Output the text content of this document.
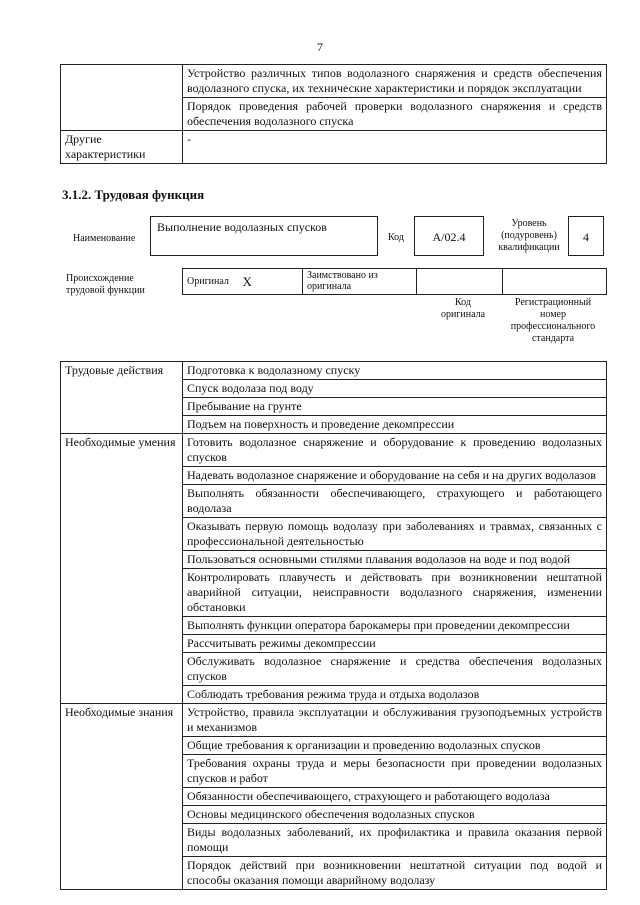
7
	Устройство различных типов водолазного снаряжения и средств обеспечения водолазного спуска, их технические характеристики и порядок эксплуатации
	Порядок проведения рабочей проверки водолазного снаряжения и средств обеспечения водолазного спуска
Другие характеристики	-
3.1.2. Трудовая функция
Наименование
Выполнение водолазных спусков
Код	A/02.4
Уровень (подуровень) квалификации
4
Происхождение трудовой функции
Оригинал	X	Заимствовано из оригинала		
Код оригинала
Регистрационный номер профессионального стандарта
Трудовые действия	Подготовка к водолазному спуску
	Спуск водолаза под воду
	Пребывание на грунте
	Подъем на поверхность и проведение декомпрессии
Необходимые умения	Готовить водолазное снаряжение и оборудование к проведению водолазных спусков
	Надевать водолазное снаряжение и оборудование на себя и на других водолазов
	Выполнять обязанности обеспечивающего, страхующего и работающего водолаза
	Оказывать первую помощь водолазу при заболеваниях и травмах, связанных с профессиональной деятельностью
	Пользоваться основными стилями плавания водолазов на воде и под водой
	Контролировать плавучесть и действовать при возникновении нештатной аварийной ситуации, неисправности водолазного снаряжения, изменении обстановки
	Выполнять функции оператора барокамеры при проведении декомпрессии
	Рассчитывать режимы декомпрессии
	Обслуживать водолазное снаряжение и средства обеспечения водолазных спусков
	Соблюдать требования режима труда и отдыха водолазов
Необходимые знания	Устройство, правила эксплуатации и обслуживания грузоподъемных устройств и механизмов
	Общие требования к организации и проведению водолазных спусков
	Требования охраны труда и меры безопасности при проведении водолазных спусков и работ
	Обязанности обеспечивающего, страхующего и работающего водолаза
	Основы медицинского обеспечения водолазных спусков
	Виды водолазных заболеваний, их профилактика и правила оказания первой помощи
	Порядок действий при возникновении нештатной ситуации под водой и способы оказания помощи аварийному водолазу
